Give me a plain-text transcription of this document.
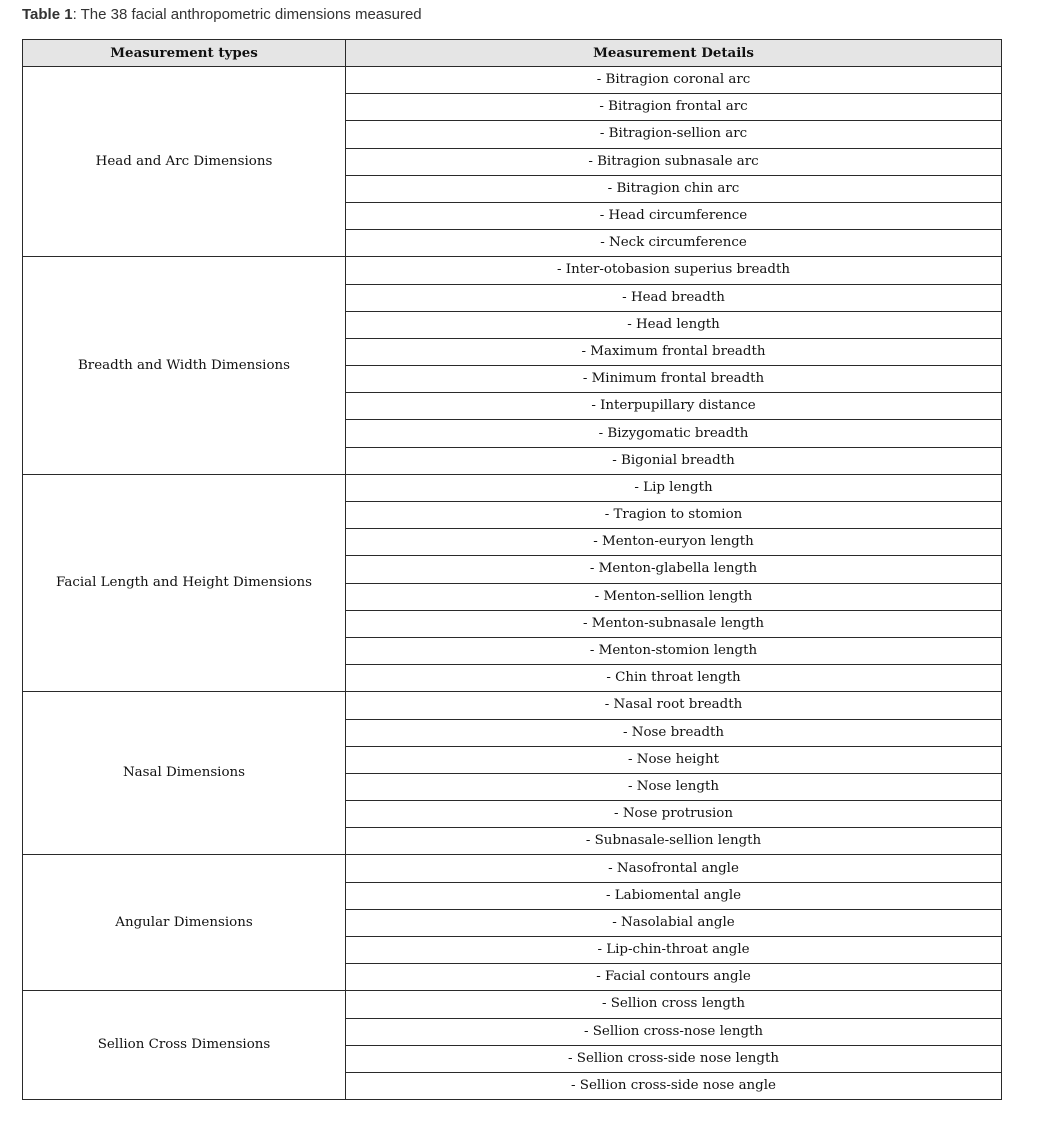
Table 1: The 38 facial anthropometric dimensions measured
Measurement types	Measurement Details
Head and Arc Dimensions	- Bitragion coronal arc
	- Bitragion frontal arc
	- Bitragion-sellion arc
	- Bitragion subnasale arc
	- Bitragion chin arc
	- Head circumference
	- Neck circumference
Breadth and Width Dimensions	- Inter-otobasion superius breadth
	- Head breadth
	- Head length
	- Maximum frontal breadth
	- Minimum frontal breadth
	- Interpupillary distance
	- Bizygomatic breadth
	- Bigonial breadth
Facial Length and Height Dimensions	- Lip length
	- Tragion to stomion
	- Menton-euryon length
	- Menton-glabella length
	- Menton-sellion length
	- Menton-subnasale length
	- Menton-stomion length
	- Chin throat length
Nasal Dimensions	- Nasal root breadth
	- Nose breadth
	- Nose height
	- Nose length
	- Nose protrusion
	- Subnasale-sellion length
Angular Dimensions	- Nasofrontal angle
	- Labiomental angle
	- Nasolabial angle
	- Lip-chin-throat angle
	- Facial contours angle
Sellion Cross Dimensions	- Sellion cross length
	- Sellion cross-nose length
	- Sellion cross-side nose length
	- Sellion cross-side nose angle
